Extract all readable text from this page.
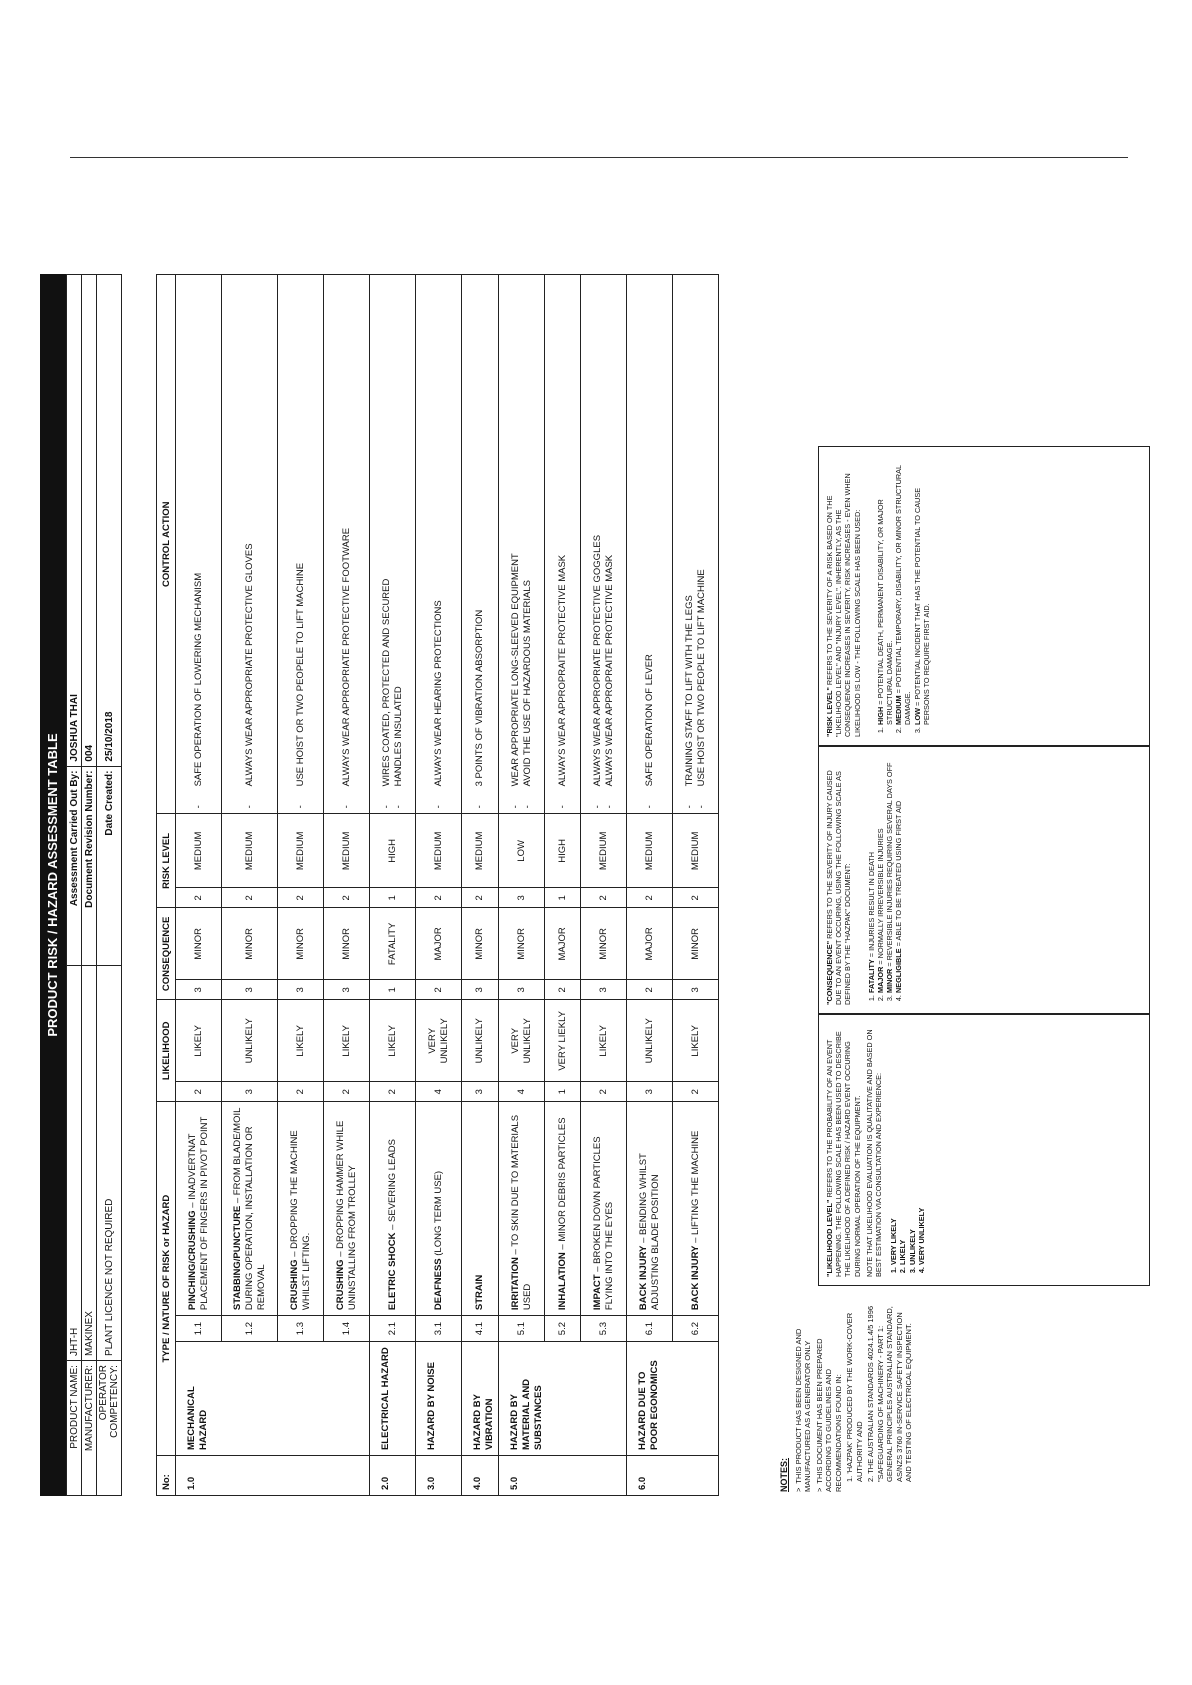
PRODUCT RISK / HAZARD ASSESSMENT TABLE
PRODUCT NAME:	JHT-H	Assessment Carried Out By:	JOSHUA THAI
MANUFACTURER:	MAKINEX	Document Revision Number:	004
OPERATOR COMPETENCY:	PLANT LICENCE NOT REQUIRED	Date Created:	25/10/2018
No:	TYPE / NATURE OF RISK or HAZARD			LIKELIHOOD		CONSEQUENCE		RISK LEVEL		CONTROL ACTION
1.0	MECHANICAL HAZARD	1.1	PINCHING/CRUSHING – INADVERTNAT PLACEMENT OF FINGERS IN PIVOT POINT	2	LIKELY	3	MINOR	2	MEDIUM	-SAFE OPERATION OF LOWERING MECHANISM
		1.2	STABBING/PUNCTURE – FROM BLADE/MOIL DURING OPERATION, INSTALLATION OR REMOVAL	3	UNLIKELY	3	MINOR	2	MEDIUM	-ALWAYS WEAR APPROPRIATE PROTECTIVE GLOVES
		1.3	CRUSHING – DROPPING THE MACHINE WHILST LIFTING.	2	LIKELY	3	MINOR	2	MEDIUM	-USE HOIST OR TWO PEOPELE TO LIFT MACHINE
		1.4	CRUSHING – DROPPING HAMMER WHILE UNINSTALLING FROM TROLLEY	2	LIKELY	3	MINOR	2	MEDIUM	-ALWAYS WEAR APPROPRIATE PROTECTIVE FOOTWARE
2.0	ELECTRICAL HAZARD	2.1	ELETRIC SHOCK – SEVERING LEADS	2	LIKELY	1	FATALITY	1	HIGH	-WIRES COATED, PROTECTED AND SECURED
-HANDLES INSULATED
3.0	HAZARD BY NOISE	3.1	DEAFNESS (LONG TERM USE)	4	VERY UNLIKELY	2	MAJOR	2	MEDIUM	-ALWAYS WEAR HEARING PROTECTIONS
4.0	HAZARD BY VIBRATION	4.1	STRAIN	3	UNLIKELY	3	MINOR	2	MEDIUM	-3 POINTS OF VIBRATION ABSORPTION
5.0	HAZARD BY MATERIAL AND SUBSTANCES	5.1	IRRITATION – TO SKIN DUE TO MATERIALS USED	4	VERY UNLIKELY	3	MINOR	3	LOW	-WEAR APPROPRIATE LONG-SLEEVED EQUIPMENT
-AVOID THE USE OF HAZARDOUS MATERIALS
		5.2	INHALATION – MINOR DEBRIS PARTICLES	1	VERY LIEKLY	2	MAJOR	1	HIGH	-ALWAYS WEAR APPROPRAITE PROTECTIVE MASK
		5.3	IMPACT – BROKEN DOWN PARTICLES FLYING INTO THE EYES	2	LIKELY	3	MINOR	2	MEDIUM	-ALWAYS WEAR APPROPRIATE PROTECTIVE GOGGLES
-ALWAYS WEAR APPROPRAITE PROTECTIVE MASK
6.0	HAZARD DUE TO POOR EGONOMICS	6.1	BACK INJURY – BENDING WHILST ADJUSTING BLADE POSITION	3	UNLIKELY	2	MAJOR	2	MEDIUM	-SAFE OPERATION OF LEVER
		6.2	BACK INJURY – LIFTING THE MACHINE	2	LIKELY	3	MINOR	2	MEDIUM	-TRAINING STAFF TO LIFT WITH THE LEGS
-USE HOIST OR TWO PEOPLE TO LIFT MACHINE
NOTES: >  THIS PRODUCT HAS BEEN DESIGNED AND MANUFACTURED AS A GENERATOR ONLY >  THIS DOCUMENT HAS BEEN PREPARED ACCORDING TO GUIDELINES AND RECOMMENDATIONS FOUND IN: 1. 'HAZPAK' PRODUCED BY THE WORK-COVER AUTHORITY AND 2. THE AUSTRALIAN STANDARDS 4024.1.4/5 1996 "SAFEGUARDING OF MACHINERY - PART 1: GENERAL PRINCIPLES AUSTRALIAN STANDARD, AS/NZS 3760 IN-SERVICE SAFETY INSPECTION AND TESTING OF ELECTRICAL EQUIPMENT.
"LIKELIHOOD LEVEL" REFERS TO THE PROBABILITY OF AN EVENT HAPPENING. THE FOLLOWING SCALE HAS BEEN USED TO DESCRIBE THE LIKELIHOOD OF A DEFINED RISK / HAZARD EVENT OCCURING DURING NORMAL OPERATION OF THE EQUIPMENT. NOTE THAT LIKELIHOOD EVALUATION IS QUALITATIVE AND BASED ON BEST ESTIMATION VIA CONSULTATION AND EXPERIENCE: 1. VERY LIKELY 2. LIKELY 3. UNLIKELY 4. VERY UNLIKELY
"CONSEQUENCE" REFERS TO THE SEVERITY OF INJURY CAUSED DUE TO AN EVENT OCCURING, USING THE FOLLOWING SCALE AS DEFINED BY THE "HAZPAK" DOCUMENT: 1. FATALITY = INJURIES RESULT IN DEATH
2. MAJOR = NORMALLY IRREVERSIBLE INJURIES
3. MINOR = REVERSIBLE INJURIES REQUIRING SEVERAL DAYS OFF
4. NEGLIGIBLE = ABLE TO BE TREATED USING FIRST AID
"RISK LEVEL" REFERS TO THE SEVERITY OF A RISK BASED ON THE "LIKELIHOOD LEVEL" AND "INJURY LEVEL". INHERENTLY, AS THE CONSEQUENCE INCREASES IN SEVERITY, RISK INCREASES - EVEN WHEN LIKELIHOOD IS LOW - THE FOLLOWING SCALE HAS BEEN USED: 1. HIGH = POTENTIAL DEATH, PERMANENT DISABILITY, OR MAJOR STRUCTURAL DAMAGE. 2. MEDIUM = POTENTIAL TEMPORARY, DISABILITY, OR MINOR STRUCTURAL DAMAGE. 3. LOW = POTENTIAL INCIDENT THAT HAS THE POTENTIAL TO CAUSE PERSONS TO REQUIRE FIRST AID.
